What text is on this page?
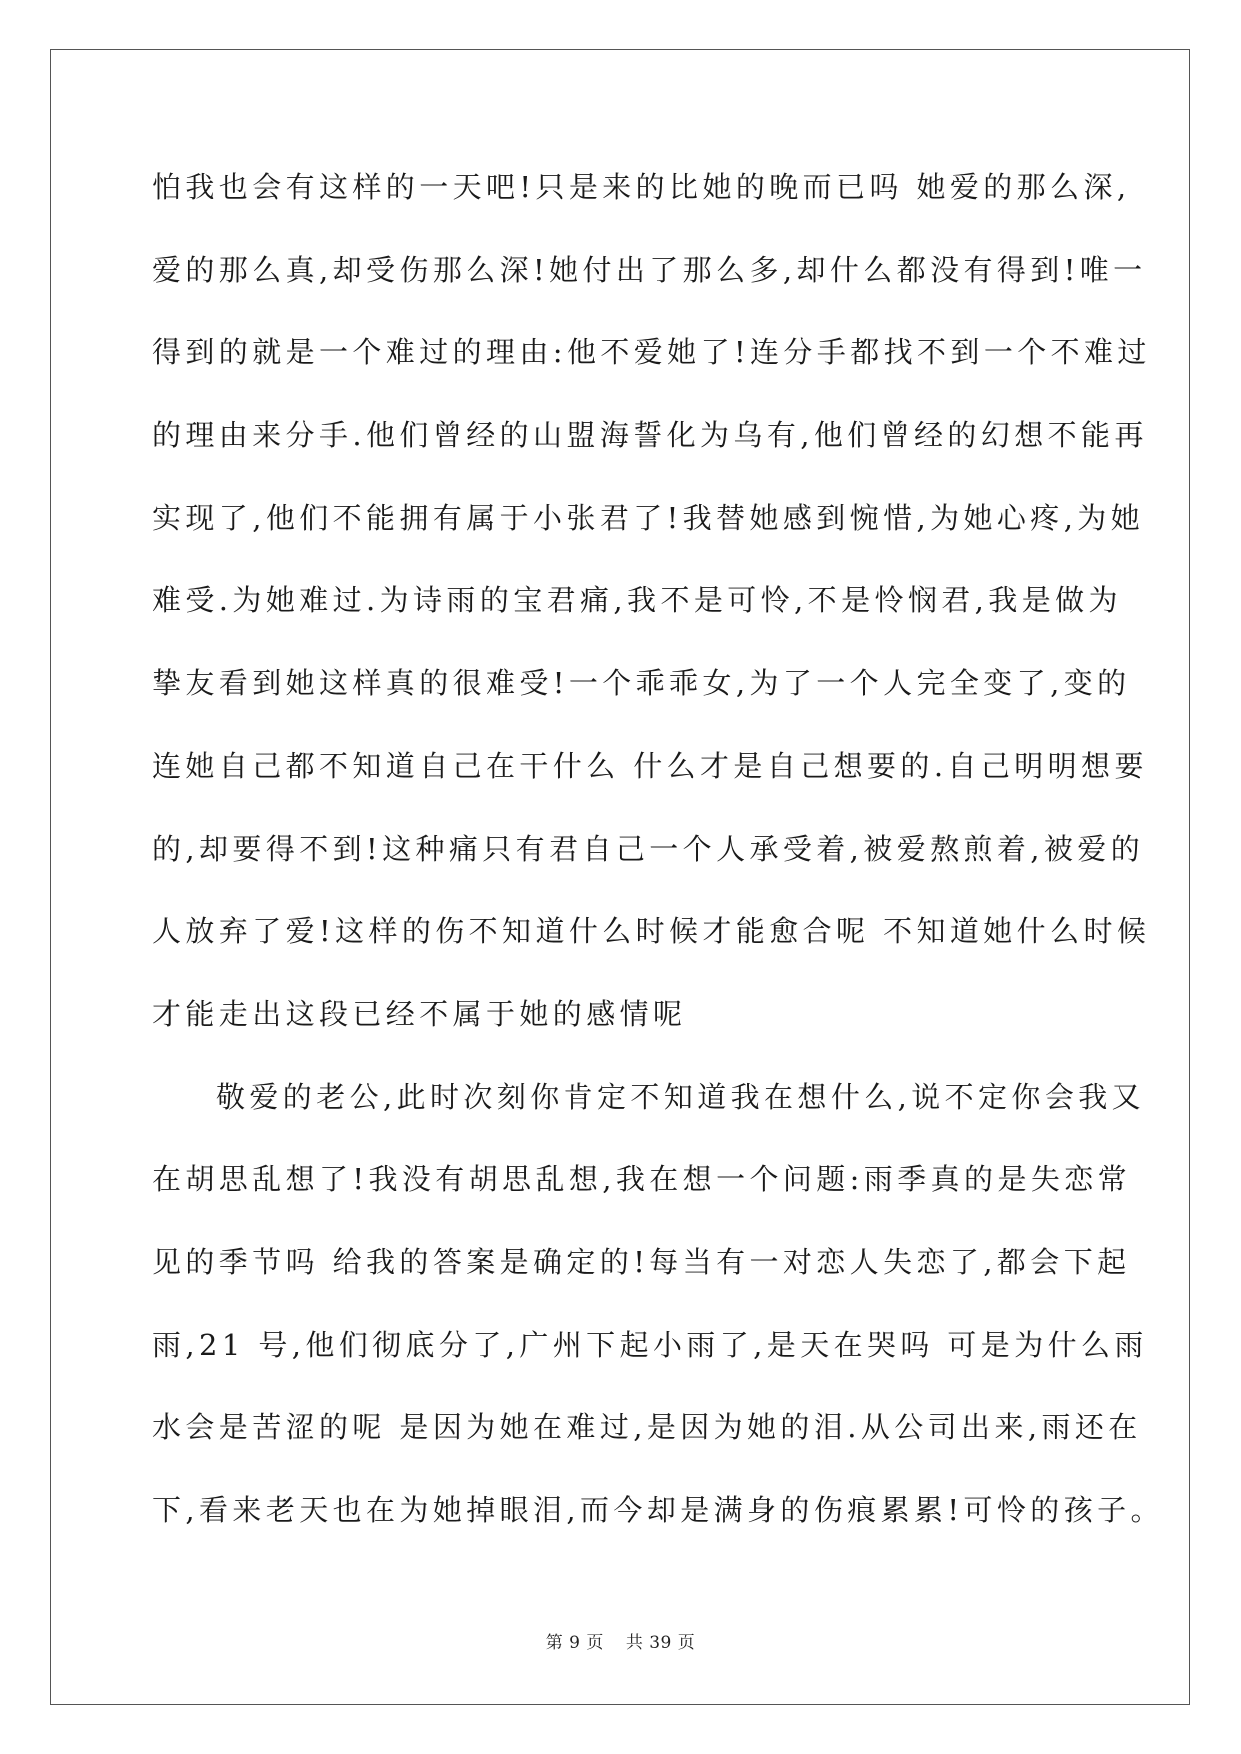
怕我也会有这样的一天吧!只是来的比她的晚而已吗 她爱的那么深,

爱的那么真,却受伤那么深!她付出了那么多,却什么都没有得到!唯一

得到的就是一个难过的理由:他不爱她了!连分手都找不到一个不难过

的理由来分手.他们曾经的山盟海誓化为乌有,他们曾经的幻想不能再

实现了,他们不能拥有属于小张君了!我替她感到惋惜,为她心疼,为她

难受.为她难过.为诗雨的宝君痛,我不是可怜,不是怜悯君,我是做为

挚友看到她这样真的很难受!一个乖乖女,为了一个人完全变了,变的

连她自己都不知道自己在干什么 什么才是自己想要的.自己明明想要

的,却要得不到!这种痛只有君自己一个人承受着,被爱熬煎着,被爱的

人放弃了爱!这样的伤不知道什么时候才能愈合呢 不知道她什么时候

才能走出这段已经不属于她的感情呢

敬爱的老公,此时次刻你肯定不知道我在想什么,说不定你会我又

在胡思乱想了!我没有胡思乱想,我在想一个问题:雨季真的是失恋常

见的季节吗 给我的答案是确定的!每当有一对恋人失恋了,都会下起

雨,21 号,他们彻底分了,广州下起小雨了,是天在哭吗 可是为什么雨

水会是苦涩的呢 是因为她在难过,是因为她的泪.从公司出来,雨还在

下,看来老天也在为她掉眼泪,而今却是满身的伤痕累累!可怜的孩子。

第 9 页 共 39 页
